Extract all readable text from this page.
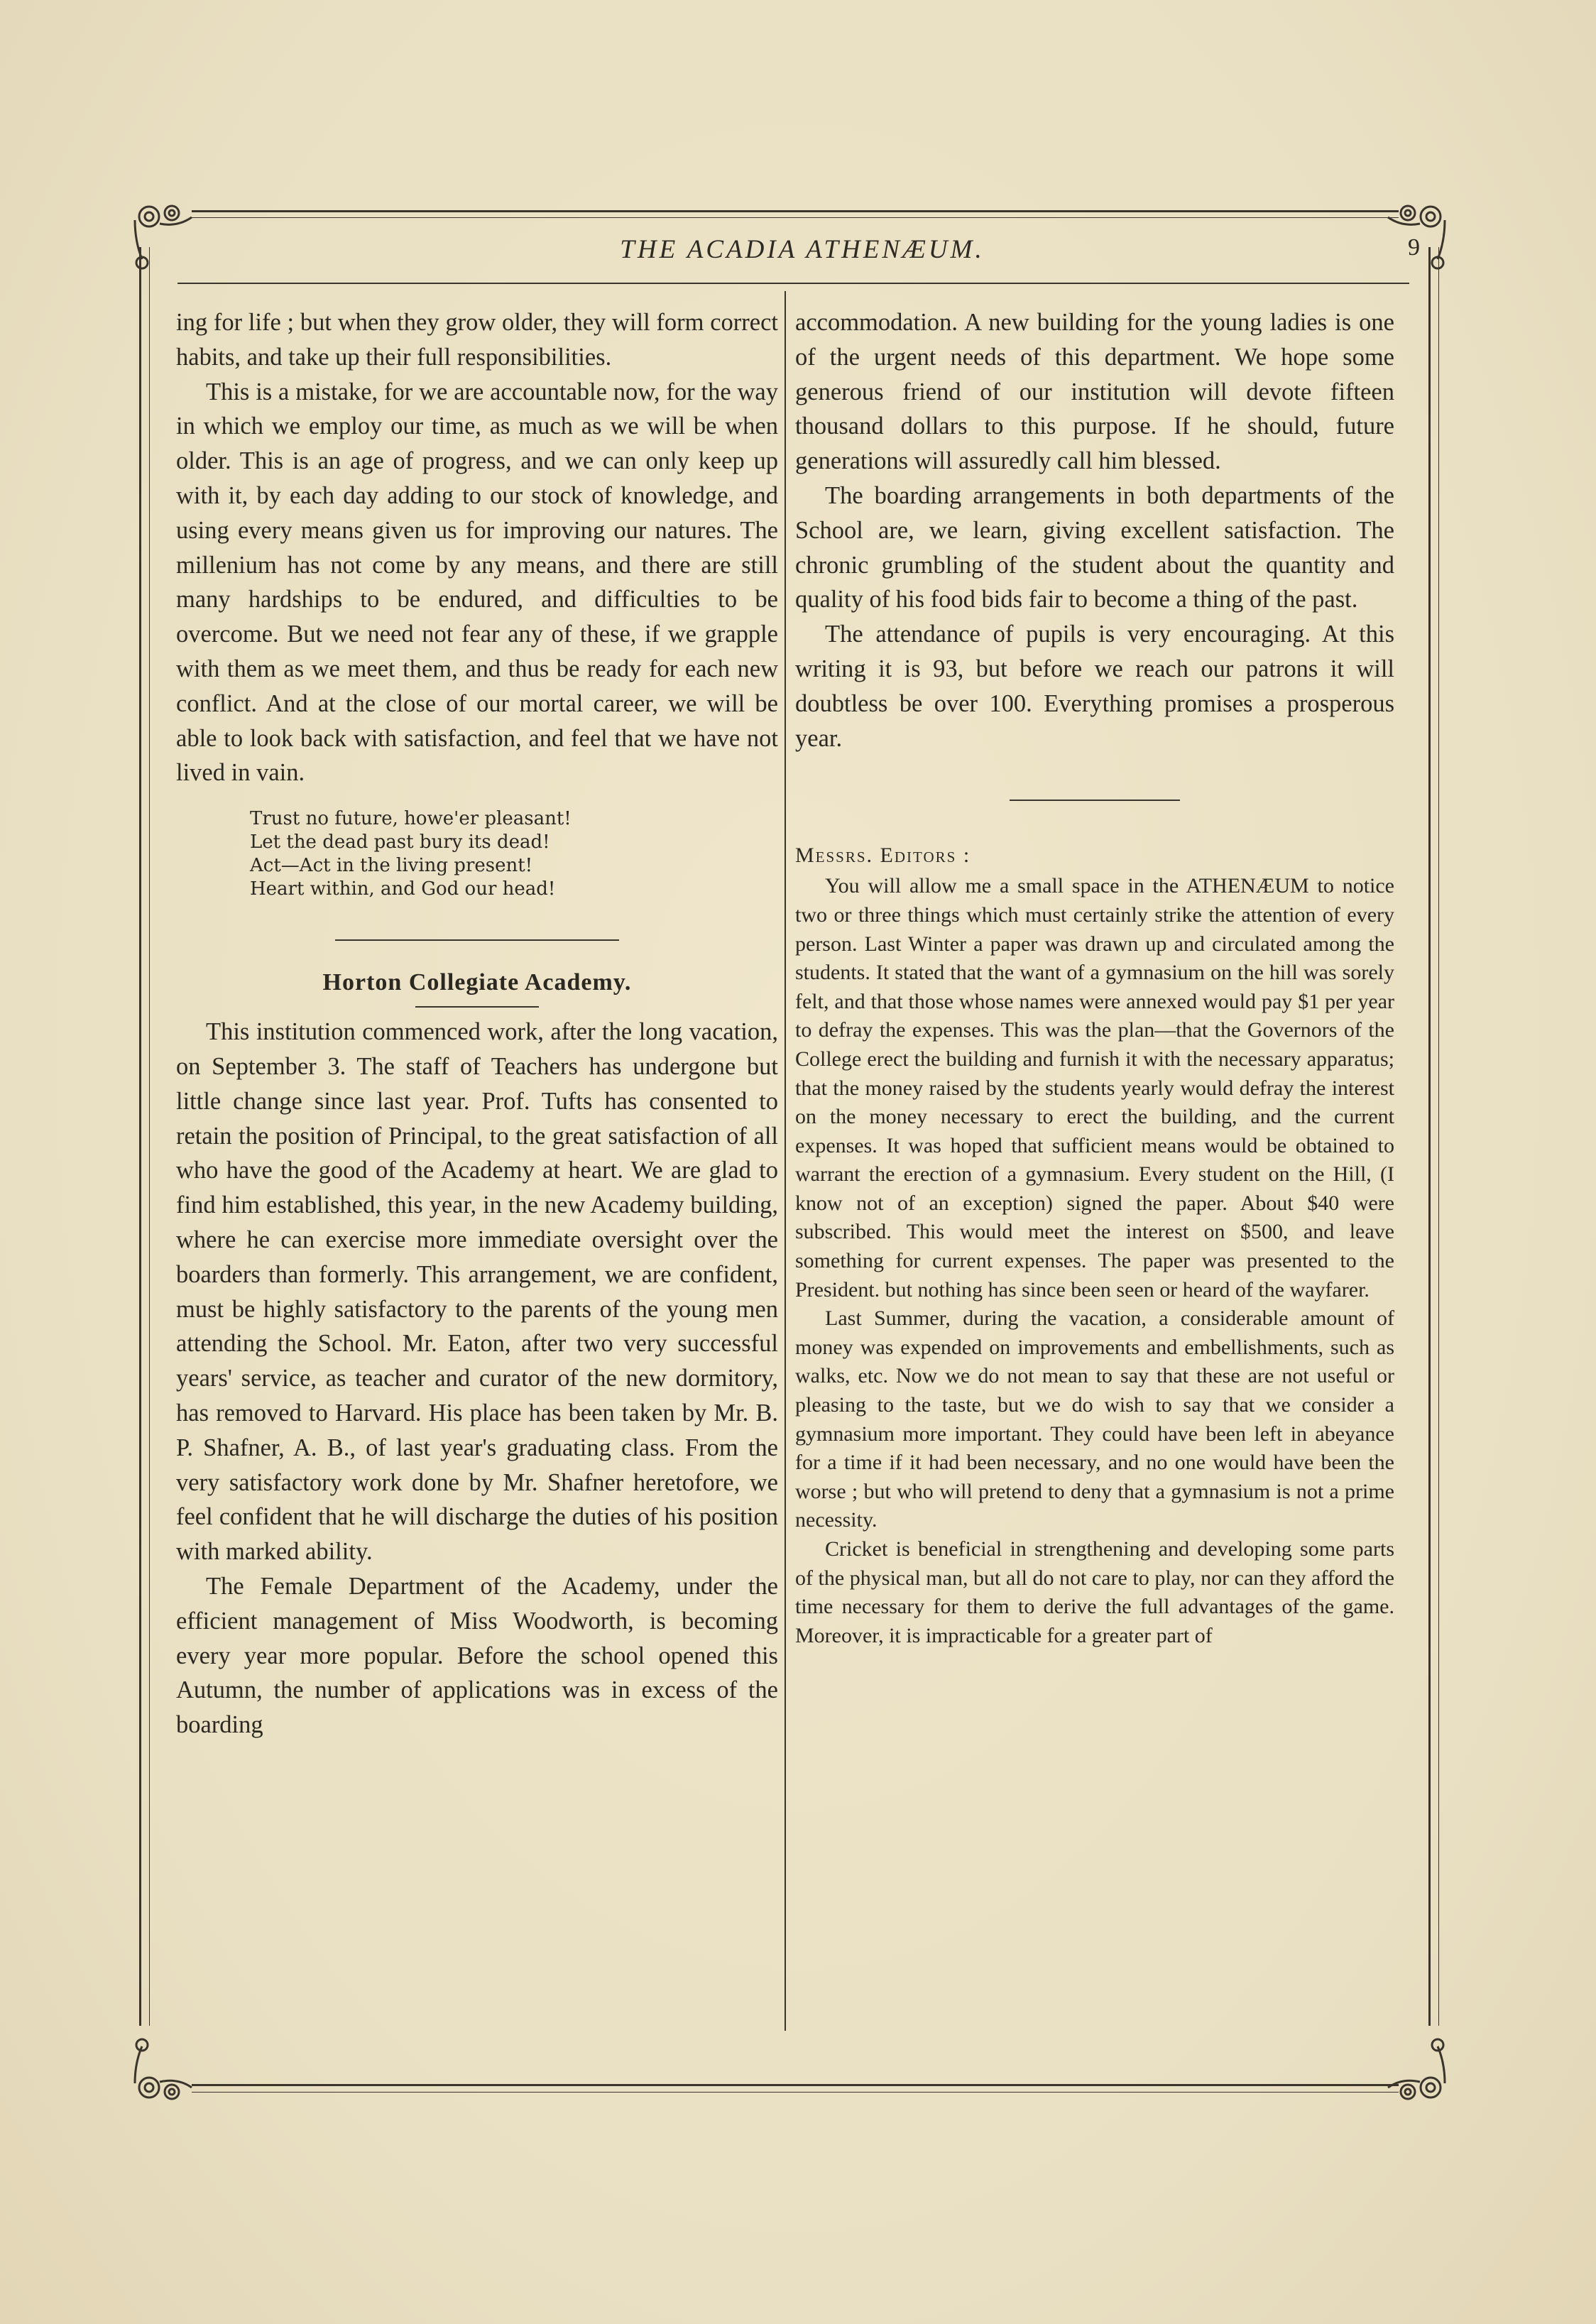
THE ACADIA ATHENÆUM.	9

ing for life ; but when they grow older, they will form correct habits, and take up their full responsibilities.

This is a mistake, for we are accountable now, for the way in which we employ our time, as much as we will be when older. This is an age of progress, and we can only keep up with it, by each day adding to our stock of knowledge, and using every means given us for improving our natures. The millenium has not come by any means, and there are still many hardships to be endured, and difficulties to be overcome. But we need not fear any of these, if we grapple with them as we meet them, and thus be ready for each new conflict. And at the close of our mortal career, we will be able to look back with satisfaction, and feel that we have not lived in vain.

Trust no future, howe'er pleasant!
Let the dead past bury its dead!
Act—Act in the living present!
Heart within, and God our head!
Horton Collegiate Academy.

This institution commenced work, after the long vacation, on September 3. The staff of Teachers has undergone but little change since last year. Prof. Tufts has consented to retain the position of Principal, to the great satisfaction of all who have the good of the Academy at heart. We are glad to find him established, this year, in the new Academy building, where he can exercise more immediate oversight over the boarders than formerly. This arrangement, we are confident, must be highly satisfactory to the parents of the young men attending the School. Mr. Eaton, after two very successful years' service, as teacher and curator of the new dormitory, has removed to Harvard. His place has been taken by Mr. B. P. Shafner, A. B., of last year's graduating class. From the very satisfactory work done by Mr. Shafner heretofore, we feel confident that he will discharge the duties of his position with marked ability.

The Female Department of the Academy, under the efficient management of Miss Woodworth, is becoming every year more popular. Before the school opened this Autumn, the number of applications was in excess of the boarding

accommodation. A new building for the young ladies is one of the urgent needs of this department. We hope some generous friend of our institution will devote fifteen thousand dollars to this purpose. If he should, future generations will assuredly call him blessed.

The boarding arrangements in both departments of the School are, we learn, giving excellent satisfaction. The chronic grumbling of the student about the quantity and quality of his food bids fair to become a thing of the past.

The attendance of pupils is very encouraging. At this writing it is 93, but before we reach our patrons it will doubtless be over 100. Everything promises a prosperous year.

Messrs. Editors :

You will allow me a small space in the ATHENÆUM to notice two or three things which must certainly strike the attention of every person. Last Winter a paper was drawn up and circulated among the students. It stated that the want of a gymnasium on the hill was sorely felt, and that those whose names were annexed would pay $1 per year to defray the expenses. This was the plan—that the Governors of the College erect the building and furnish it with the necessary apparatus; that the money raised by the students yearly would defray the interest on the money necessary to erect the building, and the current expenses. It was hoped that sufficient means would be obtained to warrant the erection of a gymnasium. Every student on the Hill, (I know not of an exception) signed the paper. About $40 were subscribed. This would meet the interest on $500, and leave something for current expenses. The paper was presented to the President. but nothing has since been seen or heard of the wayfarer.

Last Summer, during the vacation, a considerable amount of money was expended on improvements and embellishments, such as walks, etc. Now we do not mean to say that these are not useful or pleasing to the taste, but we do wish to say that we consider a gymnasium more important. They could have been left in abeyance for a time if it had been necessary, and no one would have been the worse ; but who will pretend to deny that a gymnasium is not a prime necessity.

Cricket is beneficial in strengthening and developing some parts of the physical man, but all do not care to play, nor can they afford the time necessary for them to derive the full advantages of the game. Moreover, it is impracticable for a greater part of
